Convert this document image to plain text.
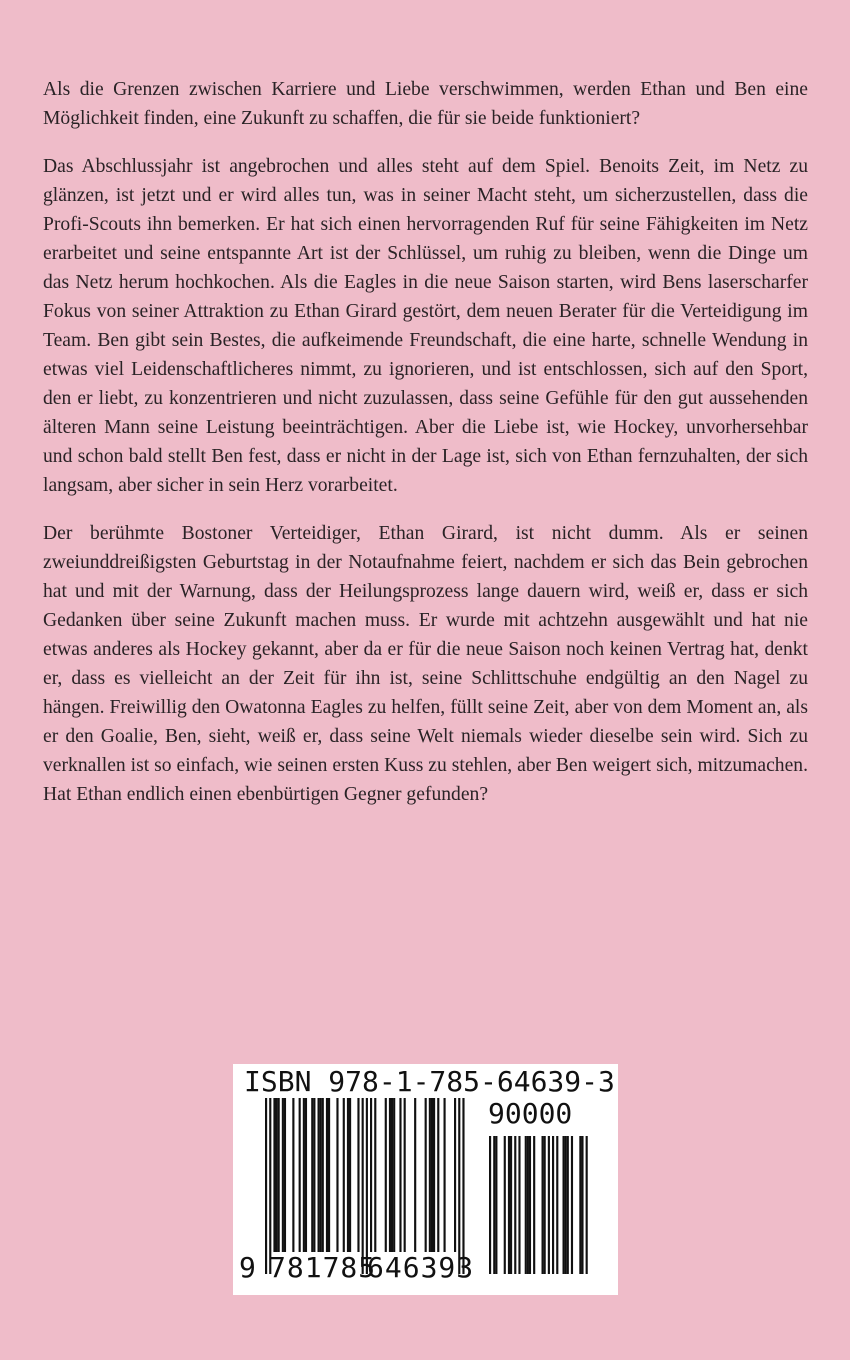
Als die Grenzen zwischen Karriere und Liebe verschwimmen, werden Ethan und Ben eine Möglichkeit finden, eine Zukunft zu schaffen, die für sie beide funktioniert?

Das Abschlussjahr ist angebrochen und alles steht auf dem Spiel. Benoits Zeit, im Netz zu glänzen, ist jetzt und er wird alles tun, was in seiner Macht steht, um sicherzustellen, dass die Profi-Scouts ihn bemerken. Er hat sich einen hervorragenden Ruf für seine Fähigkeiten im Netz erarbeitet und seine entspannte Art ist der Schlüssel, um ruhig zu bleiben, wenn die Dinge um das Netz herum hochkochen. Als die Eagles in die neue Saison starten, wird Bens laserscharfer Fokus von seiner Attraktion zu Ethan Girard gestört, dem neuen Berater für die Verteidigung im Team. Ben gibt sein Bestes, die aufkeimende Freundschaft, die eine harte, schnelle Wendung in etwas viel Leidenschaftlicheres nimmt, zu ignorieren, und ist entschlossen, sich auf den Sport, den er liebt, zu konzentrieren und nicht zuzulassen, dass seine Gefühle für den gut aussehenden älteren Mann seine Leistung beeinträchtigen. Aber die Liebe ist, wie Hockey, unvorhersehbar und schon bald stellt Ben fest, dass er nicht in der Lage ist, sich von Ethan fernzuhalten, der sich langsam, aber sicher in sein Herz vorarbeitet.

Der berühmte Bostoner Verteidiger, Ethan Girard, ist nicht dumm. Als er seinen zweiunddreißigsten Geburtstag in der Notaufnahme feiert, nachdem er sich das Bein gebrochen hat und mit der Warnung, dass der Heilungsprozess lange dauern wird, weiß er, dass er sich Gedanken über seine Zukunft machen muss. Er wurde mit achtzehn ausgewählt und hat nie etwas anderes als Hockey gekannt, aber da er für die neue Saison noch keinen Vertrag hat, denkt er, dass es vielleicht an der Zeit für ihn ist, seine Schlittschuhe endgültig an den Nagel zu hängen. Freiwillig den Owatonna Eagles zu helfen, füllt seine Zeit, aber von dem Moment an, als er den Goalie, Ben, sieht, weiß er, dass seine Welt niemals wieder dieselbe sein wird. Sich zu verknallen ist so einfach, wie seinen ersten Kuss zu stehlen, aber Ben weigert sich, mitzumachen. Hat Ethan endlich einen ebenbürtigen Gegner gefunden?

ISBN 978-1-785-64639-3
90000
9 781785
646393
